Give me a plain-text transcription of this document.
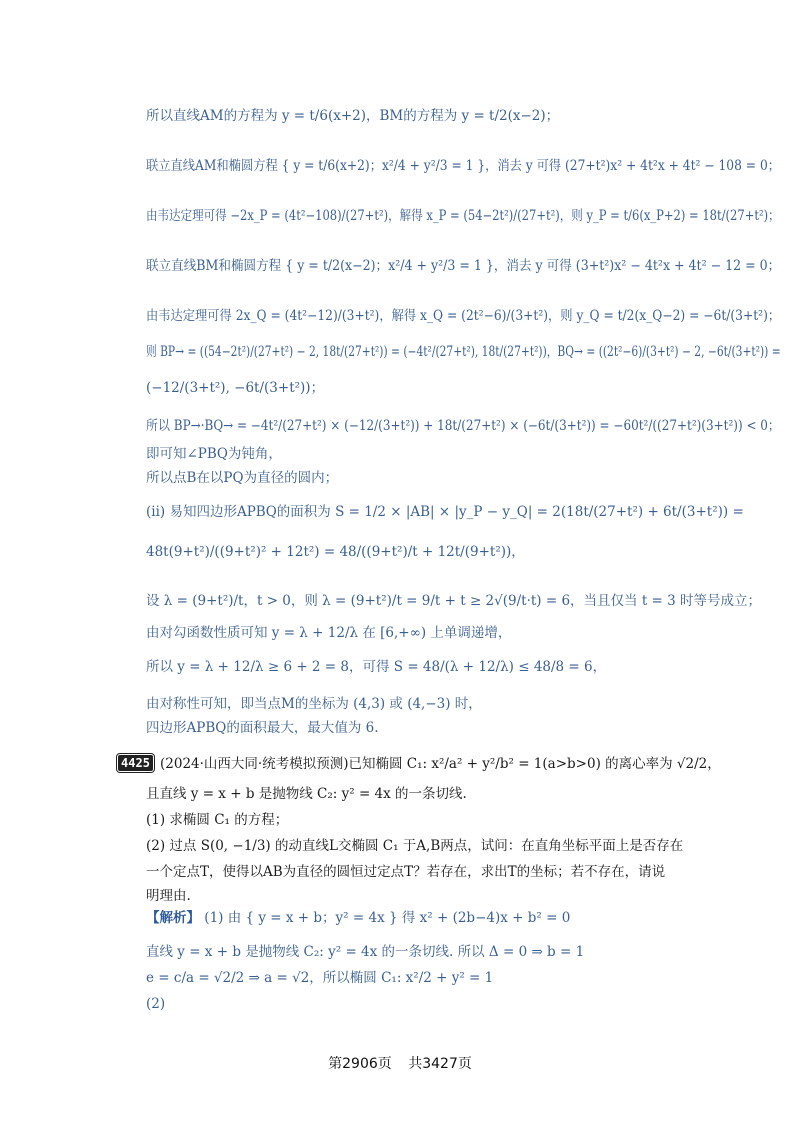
所以直线AM的方程为 y = t/6(x+2)，BM的方程为 y = t/2(x−2)；
联立直线AM和椭圆方程 { y = t/6(x+2)；x²/4 + y²/3 = 1 }，消去 y 可得 (27+t²)x² + 4t²x + 4t² − 108 = 0；
由韦达定理可得 −2x_P = (4t²−108)/(27+t²)，解得 x_P = (54−2t²)/(27+t²)，则 y_P = t/6(x_P+2) = 18t/(27+t²)；
联立直线BM和椭圆方程 { y = t/2(x−2)；x²/4 + y²/3 = 1 }，消去 y 可得 (3+t²)x² − 4t²x + 4t² − 12 = 0；
由韦达定理可得 2x_Q = (4t²−12)/(3+t²)，解得 x_Q = (2t²−6)/(3+t²)，则 y_Q = t/2(x_Q−2) = −6t/(3+t²)；
则 BP→ = ((54−2t²)/(27+t²) − 2, 18t/(27+t²)) = (−4t²/(27+t²), 18t/(27+t²))，BQ→ = ((2t²−6)/(3+t²) − 2, −6t/(3+t²)) =
(−12/(3+t²), −6t/(3+t²))；
所以 BP→·BQ→ = −4t²/(27+t²) × (−12/(3+t²)) + 18t/(27+t²) × (−6t/(3+t²)) = −60t²/((27+t²)(3+t²)) < 0；
即可知∠PBQ为钝角，
所以点B在以PQ为直径的圆内；
(ii) 易知四边形APBQ的面积为 S = 1/2 × |AB| × |y_P − y_Q| = 2(18t/(27+t²) + 6t/(3+t²)) =
48t(9+t²)/((9+t²)² + 12t²) = 48/((9+t²)/t + 12t/(9+t²))，
设 λ = (9+t²)/t，t > 0，则 λ = (9+t²)/t = 9/t + t ≥ 2√(9/t·t) = 6，当且仅当 t = 3 时等号成立；
由对勾函数性质可知 y = λ + 12/λ 在 [6,+∞) 上单调递增，
所以 y = λ + 12/λ ≥ 6 + 2 = 8，可得 S = 48/(λ + 12/λ) ≤ 48/8 = 6，
由对称性可知，即当点M的坐标为 (4,3) 或 (4,−3) 时，
四边形APBQ的面积最大，最大值为 6.
4425 (2024·山西大同·统考模拟预测)已知椭圆 C₁: x²/a² + y²/b² = 1(a>b>0) 的离心率为 √2/2，
且直线 y = x + b 是抛物线 C₂: y² = 4x 的一条切线.
(1) 求椭圆 C₁ 的方程；
(2) 过点 S(0, −1/3) 的动直线L交椭圆 C₁ 于A,B两点，试问：在直角坐标平面上是否存在
一个定点T，使得以AB为直径的圆恒过定点T？若存在，求出T的坐标；若不存在，请说
明理由.
【解析】 (1) 由 { y = x + b；y² = 4x } 得 x² + (2b−4)x + b² = 0
直线 y = x + b 是抛物线 C₂: y² = 4x 的一条切线. 所以 Δ = 0 ⇒ b = 1
e = c/a = √2/2 ⇒ a = √2，所以椭圆 C₁: x²/2 + y² = 1
(2)
第2906页 共3427页
